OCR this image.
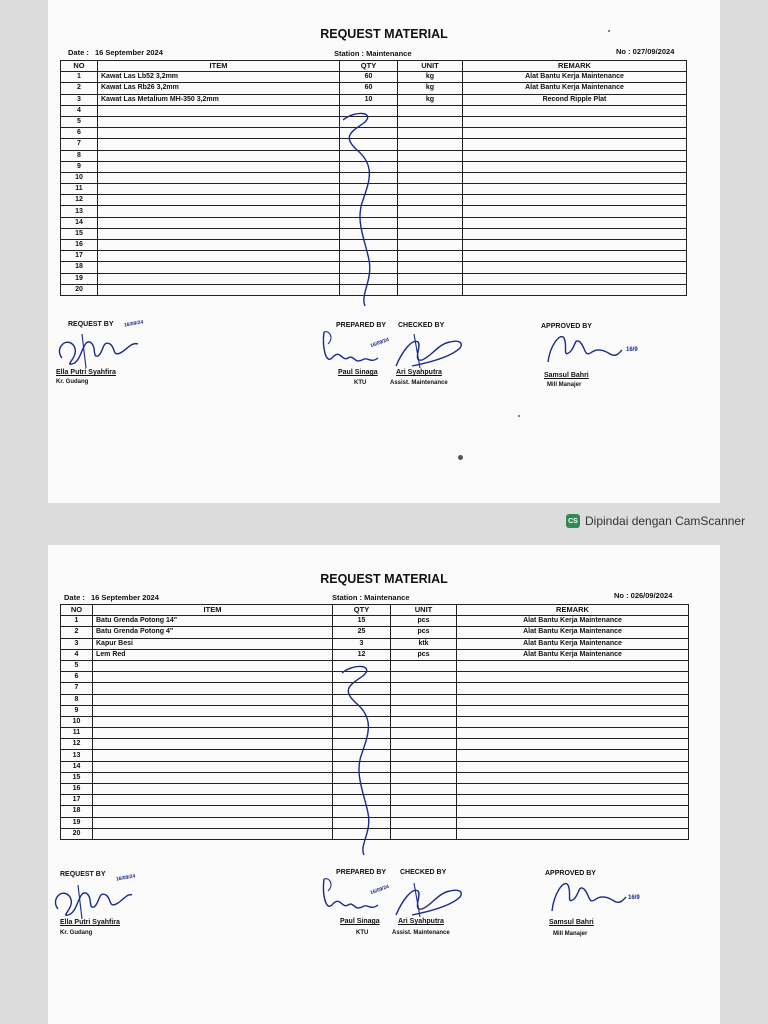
REQUEST MATERIAL
Date : 16 September 2024	Station : Maintenance	No : 027/09/2024
NO	ITEM	QTY	UNIT	REMARK
1	Kawat Las Lb52 3,2mm	60	kg	Alat Bantu Kerja Maintenance
2	Kawat Las Rb26 3,2mm	60	kg	Alat Bantu Kerja Maintenance
3	Kawat Las Metalium MH-350 3,2mm	10	kg	Recond Ripple Plat
4				
5				
6				
7				
8				
9				
10				
11				
12				
13				
14				
15				
16				
17				
18				
19				
20				
REQUEST BY 16/09/24
Ella Putri Syahfira
Kr. Gudang
PREPARED BY
16/09/24
Paul Sinaga
KTU
CHECKED BY
Ari Syahputra
Assist. Maintenance
APPROVED BY
16/9
Samsul Bahri
Mill Manajer
CS Dipindai dengan CamScanner
REQUEST MATERIAL
Date : 16 September 2024	Station : Maintenance	No : 026/09/2024
NO	ITEM	QTY	UNIT	REMARK
1	Batu Grenda Potong 14"	15	pcs	Alat Bantu Kerja Maintenance
2	Batu Grenda Potong 4"	25	pcs	Alat Bantu Kerja Maintenance
3	Kapur Besi	3	ktk	Alat Bantu Kerja Maintenance
4	Lem Red	12	pcs	Alat Bantu Kerja Maintenance
5				
6				
7				
8				
9				
10				
11				
12				
13				
14				
15				
16				
17				
18				
19				
20				
REQUEST BY 16/09/24
Ella Putri Syahfira
Kr. Gudang
PREPARED BY
16/09/24
Paul Sinaga
KTU
CHECKED BY
Ari Syahputra
Assist. Maintenance
APPROVED BY
16/9
Samsul Bahri
Mill Manajer
